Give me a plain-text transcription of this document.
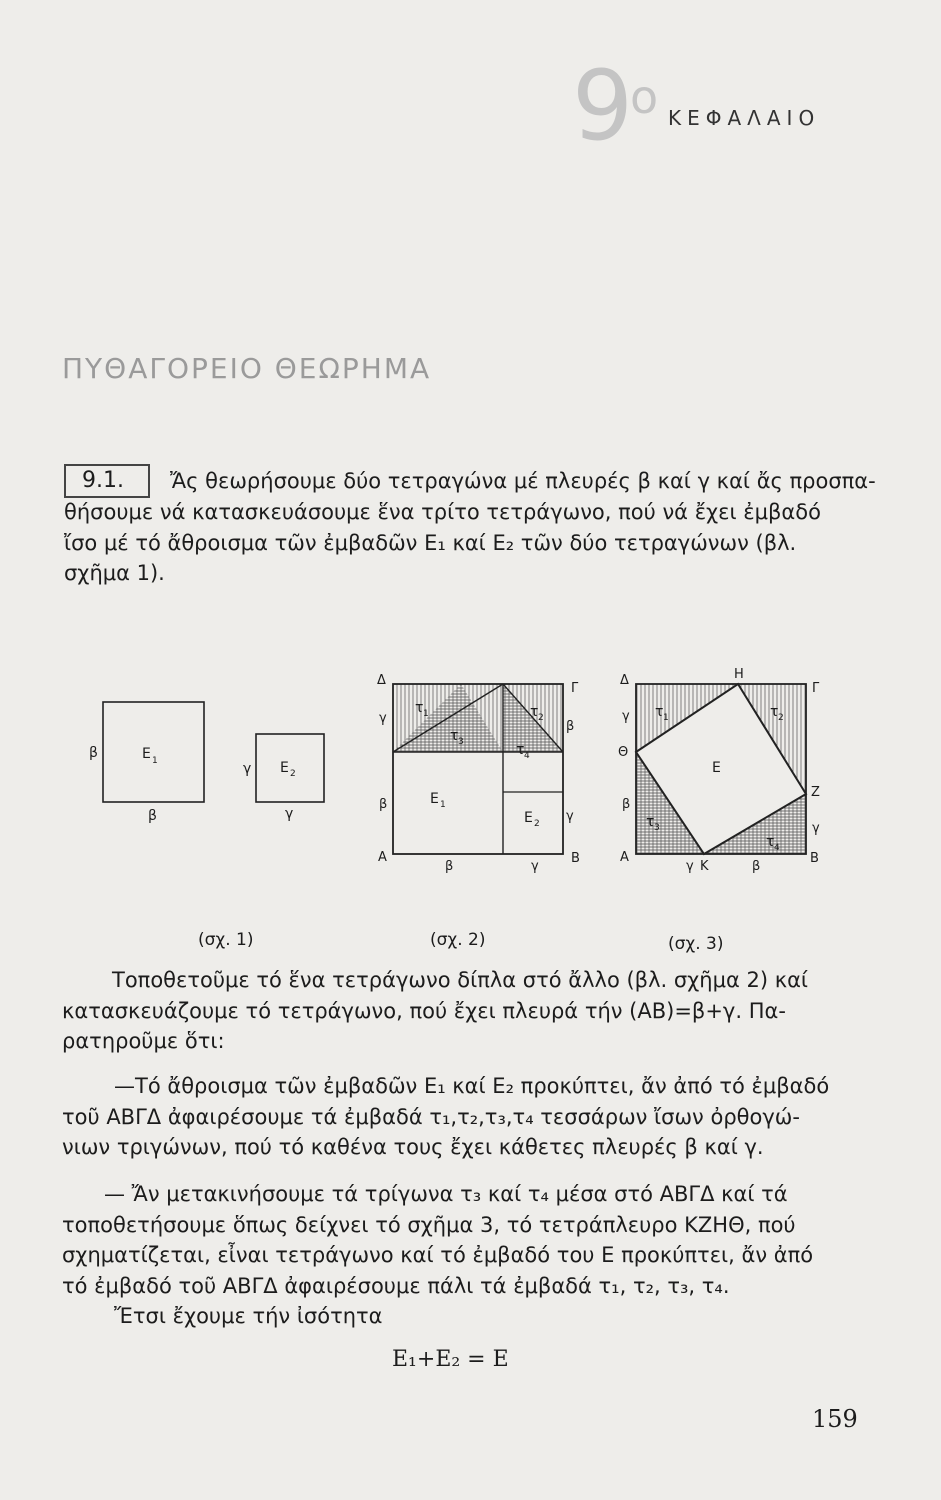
9
ο ΚΕΦΑΛΑΙΟ
ΠΥΘΑΓΟΡΕΙΟ ΘΕΩΡΗΜΑ
9.1.	Ἄς θεωρήσουμε δύο τετραγώνα μέ πλευρές β καί γ καί ἄς προσπα-
θήσουμε νά κατασκευάσουμε ἕνα τρίτο τετράγωνο, πού νά ἔχει ἐμβαδό
ἴσο μέ τό ἄθροισμα τῶν ἐμβαδῶν Ε₁ καί Ε₂ τῶν δύο τετραγώνων (βλ.
σχῆμα 1).
β	Ε 1
β
γ Ε 2
γ
Δ
Γ
Α	Β
γ
β
β
γ
β	γ
τ 1	τ 2
τ 3	τ 4
Ε 1
Ε 2
Δ	Η
Γ
Θ
Ζ
Α
Κ
Β
γ
β
γ	β
γ
Ε
τ 1	τ 2
τ 3
τ 4
(σχ. 1)	(σχ. 2)	(σχ. 3)
Τοποθετοῦμε τό ἕνα τετράγωνο δίπλα στό ἄλλο (βλ. σχῆμα 2) καί
κατασκευάζουμε τό τετράγωνο, πού ἔχει πλευρά τήν (ΑΒ)=β+γ. Πα-
ρατηροῦμε ὅτι:
—Τό ἄθροισμα τῶν ἐμβαδῶν Ε₁ καί Ε₂ προκύπτει, ἄν ἀπό τό ἐμβαδό
τοῦ ΑΒΓΔ ἀφαιρέσουμε τά ἐμβαδά τ₁,τ₂,τ₃,τ₄ τεσσάρων ἴσων ὀρθογώ-
νιων τριγώνων, πού τό καθένα τους ἔχει κάθετες πλευρές β καί γ.
— Ἄν μετακινήσουμε τά τρίγωνα τ₃ καί τ₄ μέσα στό ΑΒΓΔ καί τά
τοποθετήσουμε ὅπως δείχνει τό σχῆμα 3, τό τετράπλευρο ΚΖΗΘ, πού
σχηματίζεται, εἶναι τετράγωνο καί τό ἐμβαδό του Ε προκύπτει, ἄν ἀπό
τό ἐμβαδό τοῦ ΑΒΓΔ ἀφαιρέσουμε πάλι τά ἐμβαδά τ₁, τ₂, τ₃, τ₄.
Ἔτσι ἔχουμε τήν ἰσότητα
Ε₁+Ε₂ = Ε
159
